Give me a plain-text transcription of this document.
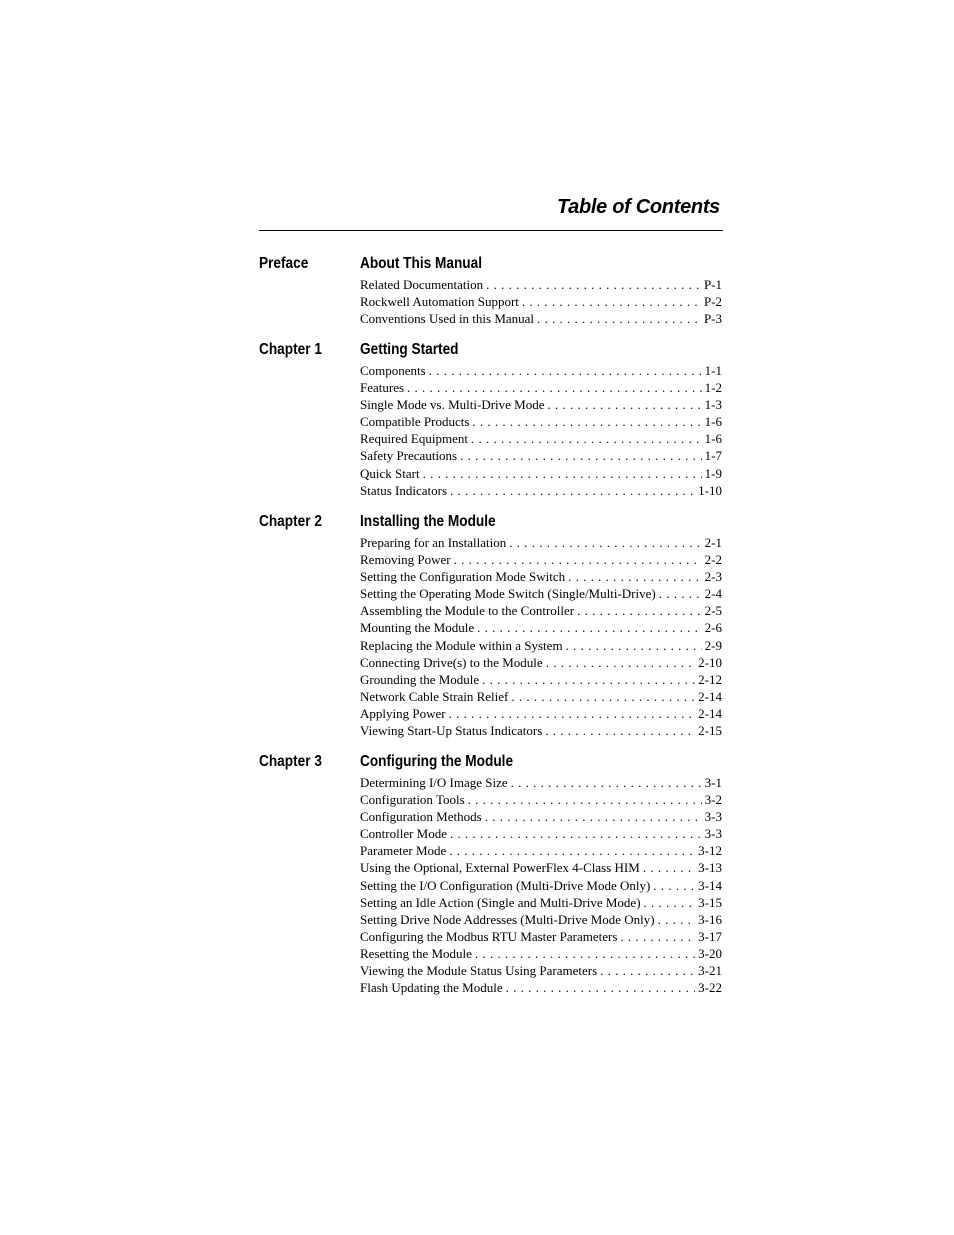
Table of Contents
Preface	About This Manual
Related Documentation . . .	P-1
Rockwell Automation Support . . .	P-2
Conventions Used in this Manual . . .	P-3
Chapter 1 Getting Started
Components . . .	1-1
Features . . .	1-2
Single Mode vs. Multi-Drive Mode . . .	1-3
Compatible Products . . .	1-6
Required Equipment . . .	1-6
Safety Precautions . . .	1-7
Quick Start . . .	1-9
Status Indicators . . .	1-10
Chapter 2 Installing the Module
Preparing for an Installation . . .	2-1
Removing Power . . .	2-2
Setting the Configuration Mode Switch . . .	2-3
Setting the Operating Mode Switch (Single/Multi-Drive) . . .	2-4
Assembling the Module to the Controller . . .	2-5
Mounting the Module . . .	2-6
Replacing the Module within a System . . .	2-9
Connecting Drive(s) to the Module . . .	2-10
Grounding the Module . . .	2-12
Network Cable Strain Relief . . .	2-14
Applying Power . . .	2-14
Viewing Start-Up Status Indicators . . .	2-15
Chapter 3 Configuring the Module
Determining I/O Image Size . . .	3-1
Configuration Tools . . .	3-2
Configuration Methods . . .	3-3
Controller Mode . . .	3-3
Parameter Mode . . .	3-12
Using the Optional, External PowerFlex 4-Class HIM . . .	3-13
Setting the I/O Configuration (Multi-Drive Mode Only) . . .	3-14
Setting an Idle Action (Single and Multi-Drive Mode) . . .	3-15
Setting Drive Node Addresses (Multi-Drive Mode Only) . . .	3-16
Configuring the Modbus RTU Master Parameters . . .	3-17
Resetting the Module . . .	3-20
Viewing the Module Status Using Parameters . . .	3-21
Flash Updating the Module . . .	3-22
